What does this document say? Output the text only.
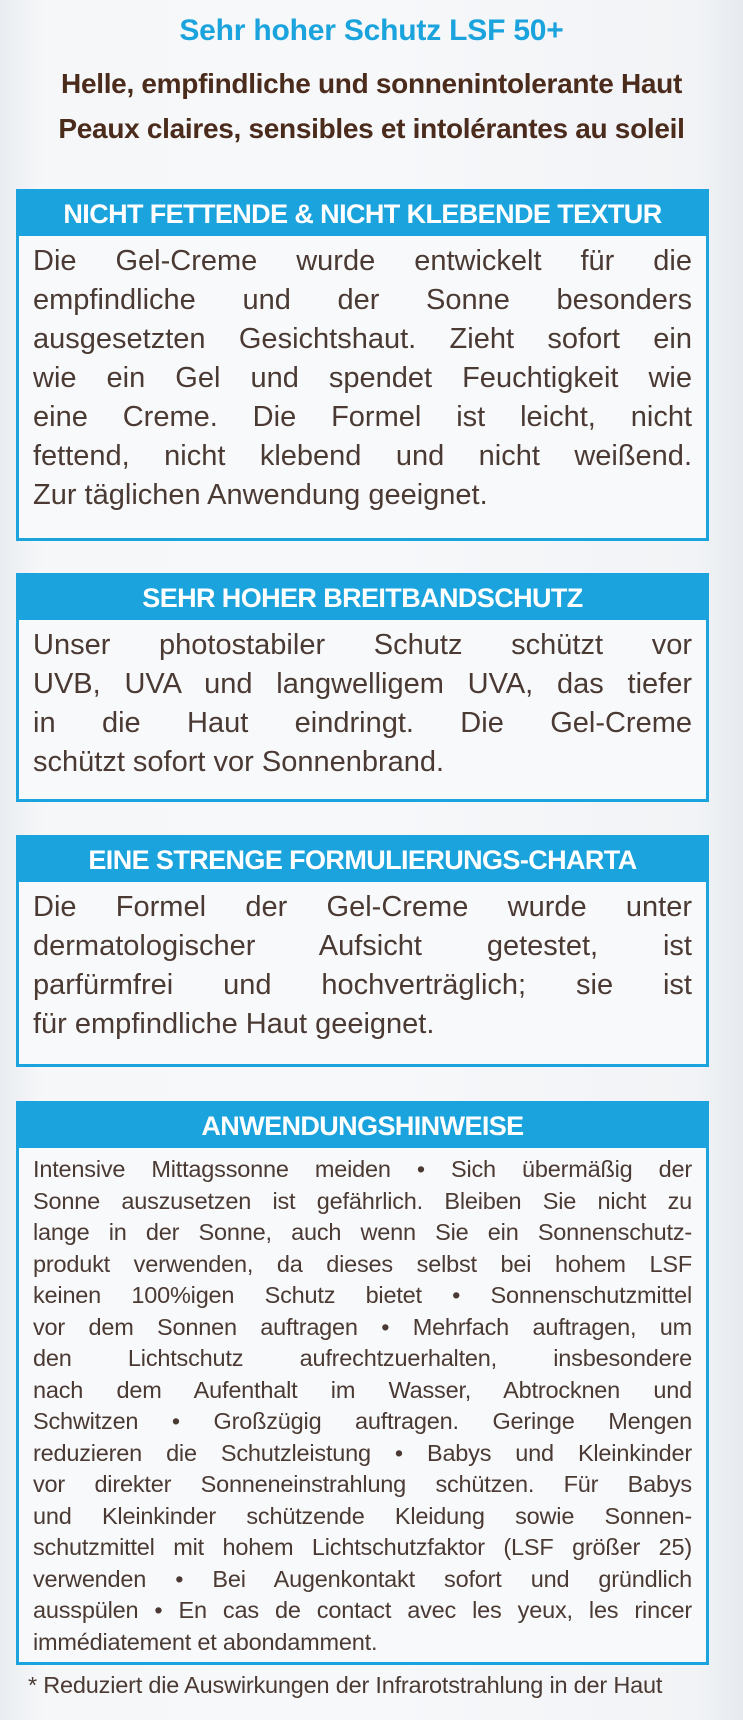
Sehr hoher Schutz LSF 50+
Helle, empfindliche und sonnenintolerante Haut
Peaux claires, sensibles et intolérantes au soleil
NICHT FETTENDE & NICHT KLEBENDE TEXTUR
Die Gel-Creme wurde entwickelt für die
empfindliche und der Sonne besonders
ausgesetzten Gesichtshaut. Zieht sofort ein
wie ein Gel und spendet Feuchtigkeit wie
eine Creme. Die Formel ist leicht, nicht
fettend, nicht klebend und nicht weißend.
Zur täglichen Anwendung geeignet.
SEHR HOHER BREITBANDSCHUTZ
Unser photostabiler Schutz schützt vor
UVB, UVA und langwelligem UVA, das tiefer
in die Haut eindringt. Die Gel-Creme
schützt sofort vor Sonnenbrand.
EINE STRENGE FORMULIERUNGS-CHARTA
Die Formel der Gel-Creme wurde unter
dermatologischer Aufsicht getestet, ist
parfürmfrei und hochverträglich; sie ist
für empfindliche Haut geeignet.
ANWENDUNGSHINWEISE
Intensive Mittagssonne meiden • Sich übermäßig der
Sonne auszusetzen ist gefährlich. Bleiben Sie nicht zu
lange in der Sonne, auch wenn Sie ein Sonnenschutz-
produkt verwenden, da dieses selbst bei hohem LSF
keinen 100%igen Schutz bietet • Sonnenschutzmittel
vor dem Sonnen auftragen • Mehrfach auftragen, um
den Lichtschutz aufrechtzuerhalten, insbesondere
nach dem Aufenthalt im Wasser, Abtrocknen und
Schwitzen • Großzügig auftragen. Geringe Mengen
reduzieren die Schutzleistung • Babys und Kleinkinder
vor direkter Sonneneinstrahlung schützen. Für Babys
und Kleinkinder schützende Kleidung sowie Sonnen-
schutzmittel mit hohem Lichtschutzfaktor (LSF größer 25)
verwenden • Bei Augenkontakt sofort und gründlich
ausspülen • En cas de contact avec les yeux, les rincer
immédiatement et abondamment.
* Reduziert die Auswirkungen der Infrarotstrahlung in der Haut
